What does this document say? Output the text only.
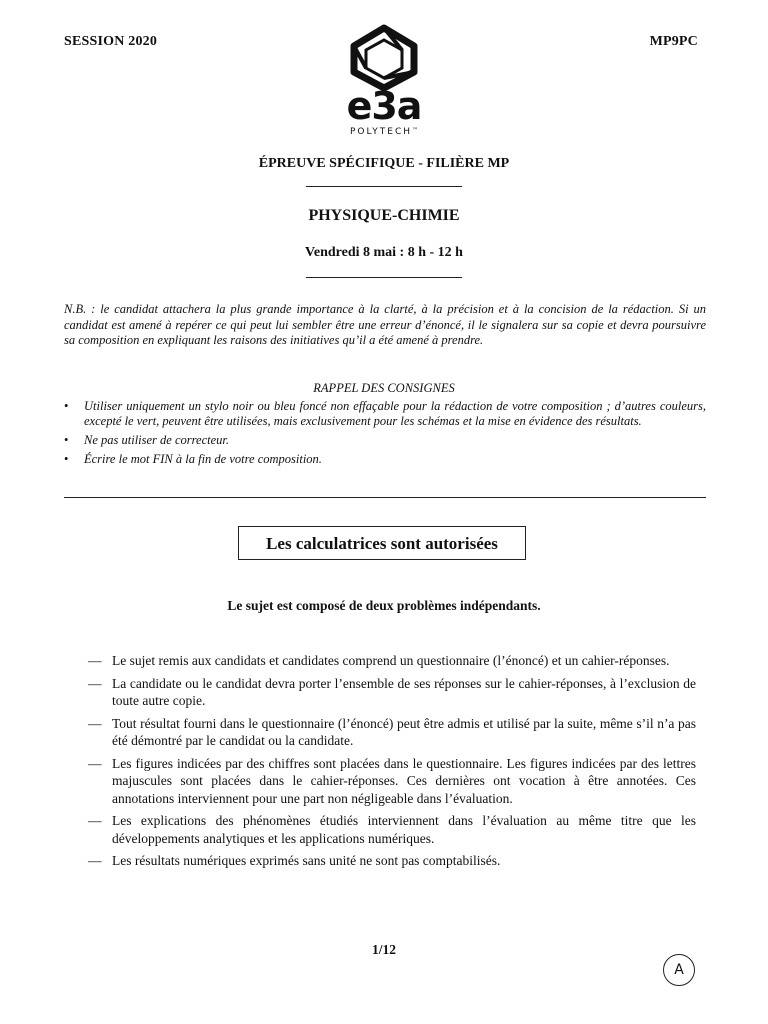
SESSION 2020	MP9PC
e3a
POLYTECH™
ÉPREUVE SPÉCIFIQUE - FILIÈRE MP
PHYSIQUE-CHIMIE
Vendredi 8 mai : 8 h - 12 h
N.B. : le candidat attachera la plus grande importance à la clarté, à la précision et à la concision de la rédaction. Si un candidat est amené à repérer ce qui peut lui sembler être une erreur d’énoncé, il le signalera sur sa copie et devra poursuivre sa composition en expliquant les raisons des initiatives qu’il a été amené à prendre.
RAPPEL DES CONSIGNES
• Utiliser uniquement un stylo noir ou bleu foncé non effaçable pour la rédaction de votre composition ; d’autres couleurs, excepté le vert, peuvent être utilisées, mais exclusivement pour les schémas et la mise en évidence des résultats.
• Ne pas utiliser de correcteur.
• Écrire le mot FIN à la fin de votre composition.
Les calculatrices sont autorisées
Le sujet est composé de deux problèmes indépendants.
— Le sujet remis aux candidats et candidates comprend un questionnaire (l’énoncé) et un cahier-réponses.
— La candidate ou le candidat devra porter l’ensemble de ses réponses sur le cahier-réponses, à l’exclusion de toute autre copie.
— Tout résultat fourni dans le questionnaire (l’énoncé) peut être admis et utilisé par la suite, même s’il n’a pas été démontré par le candidat ou la candidate.
— Les figures indicées par des chiffres sont placées dans le questionnaire. Les figures indicées par des lettres majuscules sont placées dans le cahier-réponses. Ces dernières ont vocation à être annotées. Ces annotations interviennent pour une part non négligeable dans l’évaluation.
— Les explications des phénomènes étudiés interviennent dans l’évaluation au même titre que les développements analytiques et les applications numériques.
— Les résultats numériques exprimés sans unité ne sont pas comptabilisés.
1/12
A
